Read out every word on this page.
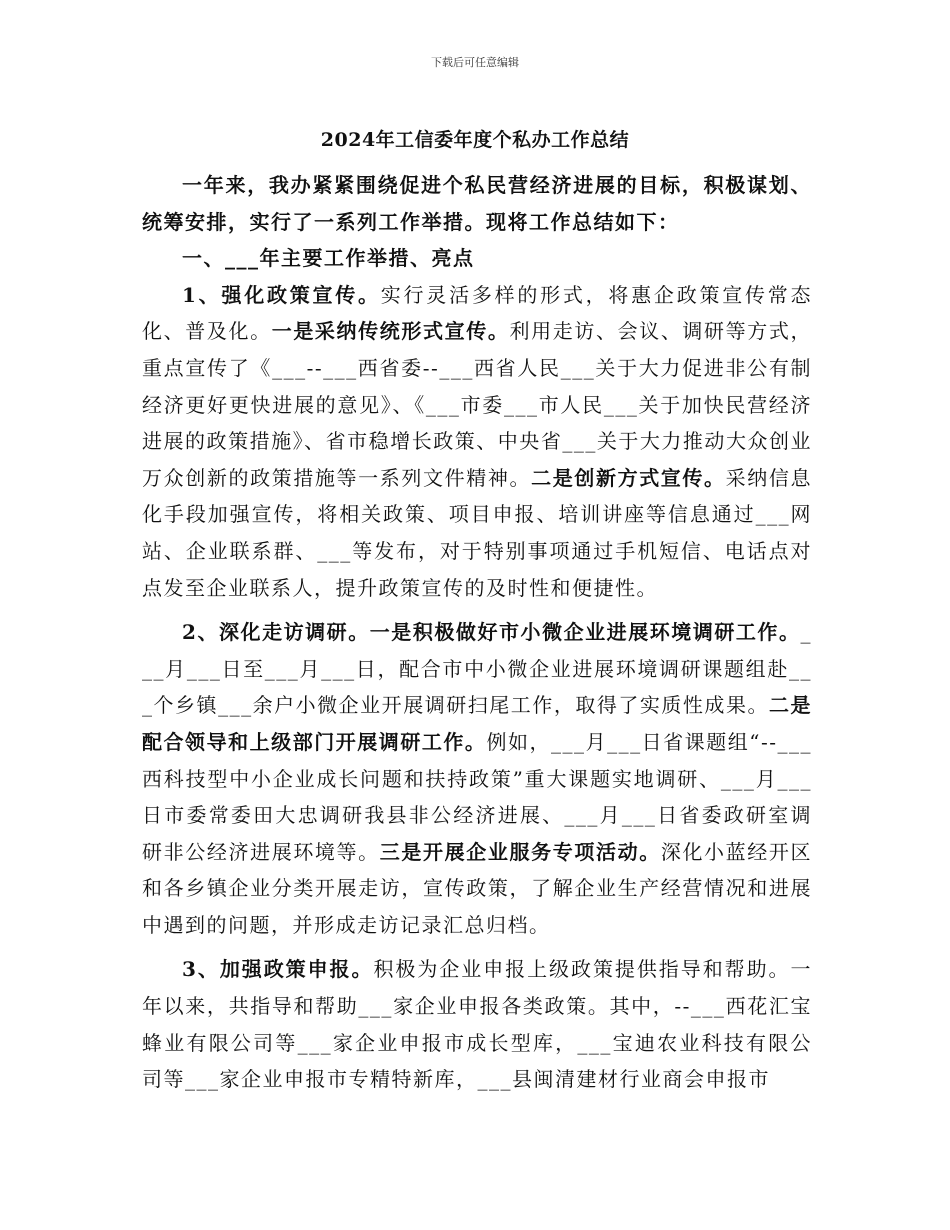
下载后可任意编辑
2024年工信委年度个私办工作总结

一年来，我办紧紧围绕促进个私民营经济进展的目标，积极谋划、统筹安排，实行了一系列工作举措。现将工作总结如下：

一、___年主要工作举措、亮点

1、强化政策宣传。实行灵活多样的形式，将惠企政策宣传常态化、普及化。一是采纳传统形式宣传。利用走访、会议、调研等方式，重点宣传了《___--___西省委--___西省人民___关于大力促进非公有制经济更好更快进展的意见》、《___市委___市人民___关于加快民营经济进展的政策措施》、省市稳增长政策、中央省___关于大力推动大众创业万众创新的政策措施等一系列文件精神。二是创新方式宣传。采纳信息化手段加强宣传，将相关政策、项目申报、培训讲座等信息通过___网站、企业联系群、___等发布，对于特别事项通过手机短信、电话点对点发至企业联系人，提升政策宣传的及时性和便捷性。

2、深化走访调研。一是积极做好市小微企业进展环境调研工作。___月___日至___月___日，配合市中小微企业进展环境调研课题组赴___个乡镇___余户小微企业开展调研扫尾工作，取得了实质性成果。二是配合领导和上级部门开展调研工作。例如，___月___日省课题组“--___西科技型中小企业成长问题和扶持政策”重大课题实地调研、___月___日市委常委田大忠调研我县非公经济进展、___月___日省委政研室调研非公经济进展环境等。三是开展企业服务专项活动。深化小蓝经开区和各乡镇企业分类开展走访，宣传政策，了解企业生产经营情况和进展中遇到的问题，并形成走访记录汇总归档。

3、加强政策申报。积极为企业申报上级政策提供指导和帮助。一年以来，共指导和帮助___家企业申报各类政策。其中，--___西花汇宝蜂业有限公司等___家企业申报市成长型库，___宝迪农业科技有限公司等___家企业申报市专精特新库，___县闽清建材行业商会申报市
